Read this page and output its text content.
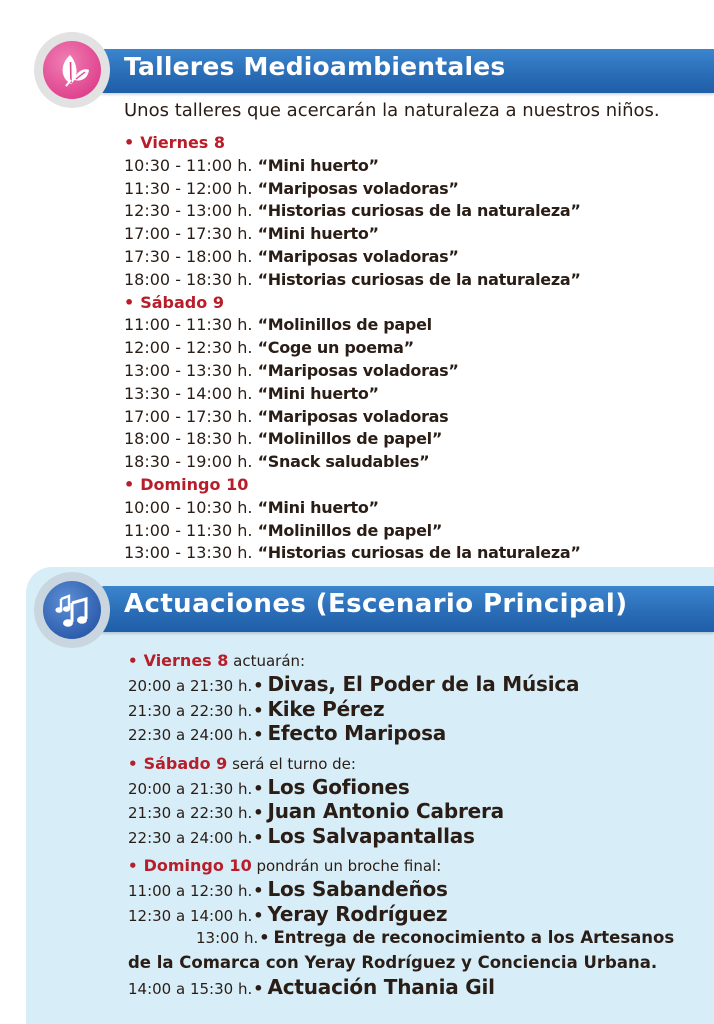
Talleres Medioambientales
Unos talleres que acercarán la naturaleza a nuestros niños.
• Viernes 8
10:30 - 11:00 h. “Mini huerto”
11:30 - 12:00 h. “Mariposas voladoras”
12:30 - 13:00 h. “Historias curiosas de la naturaleza”
17:00 - 17:30 h. “Mini huerto”
17:30 - 18:00 h. “Mariposas voladoras”
18:00 - 18:30 h. “Historias curiosas de la naturaleza”
• Sábado 9
11:00 - 11:30 h. “Molinillos de papel
12:00 - 12:30 h. “Coge un poema”
13:00 - 13:30 h. “Mariposas voladoras”
13:30 - 14:00 h. “Mini huerto”
17:00 - 17:30 h. “Mariposas voladoras
18:00 - 18:30 h. “Molinillos de papel”
18:30 - 19:00 h. “Snack saludables”
• Domingo 10
10:00 - 10:30 h. “Mini huerto”
11:00 - 11:30 h. “Molinillos de papel”
13:00 - 13:30 h. “Historias curiosas de la naturaleza”
Actuaciones (Escenario Principal)
• Viernes 8 actuarán:
20:00 a 21:30 h.• Divas, El Poder de la Música
21:30 a 22:30 h.• Kike Pérez
22:30 a 24:00 h.• Efecto Mariposa
• Sábado 9 será el turno de:
20:00 a 21:30 h.• Los Gofiones
21:30 a 22:30 h.• Juan Antonio Cabrera
22:30 a 24:00 h.• Los Salvapantallas
• Domingo 10 pondrán un broche final:
11:00 a 12:30 h.• Los Sabandeños
12:30 a 14:00 h.• Yeray Rodríguez
13:00 h.• Entrega de reconocimiento a los Artesanos
de la Comarca con Yeray Rodríguez y Conciencia Urbana.
14:00 a 15:30 h.• Actuación Thania Gil
